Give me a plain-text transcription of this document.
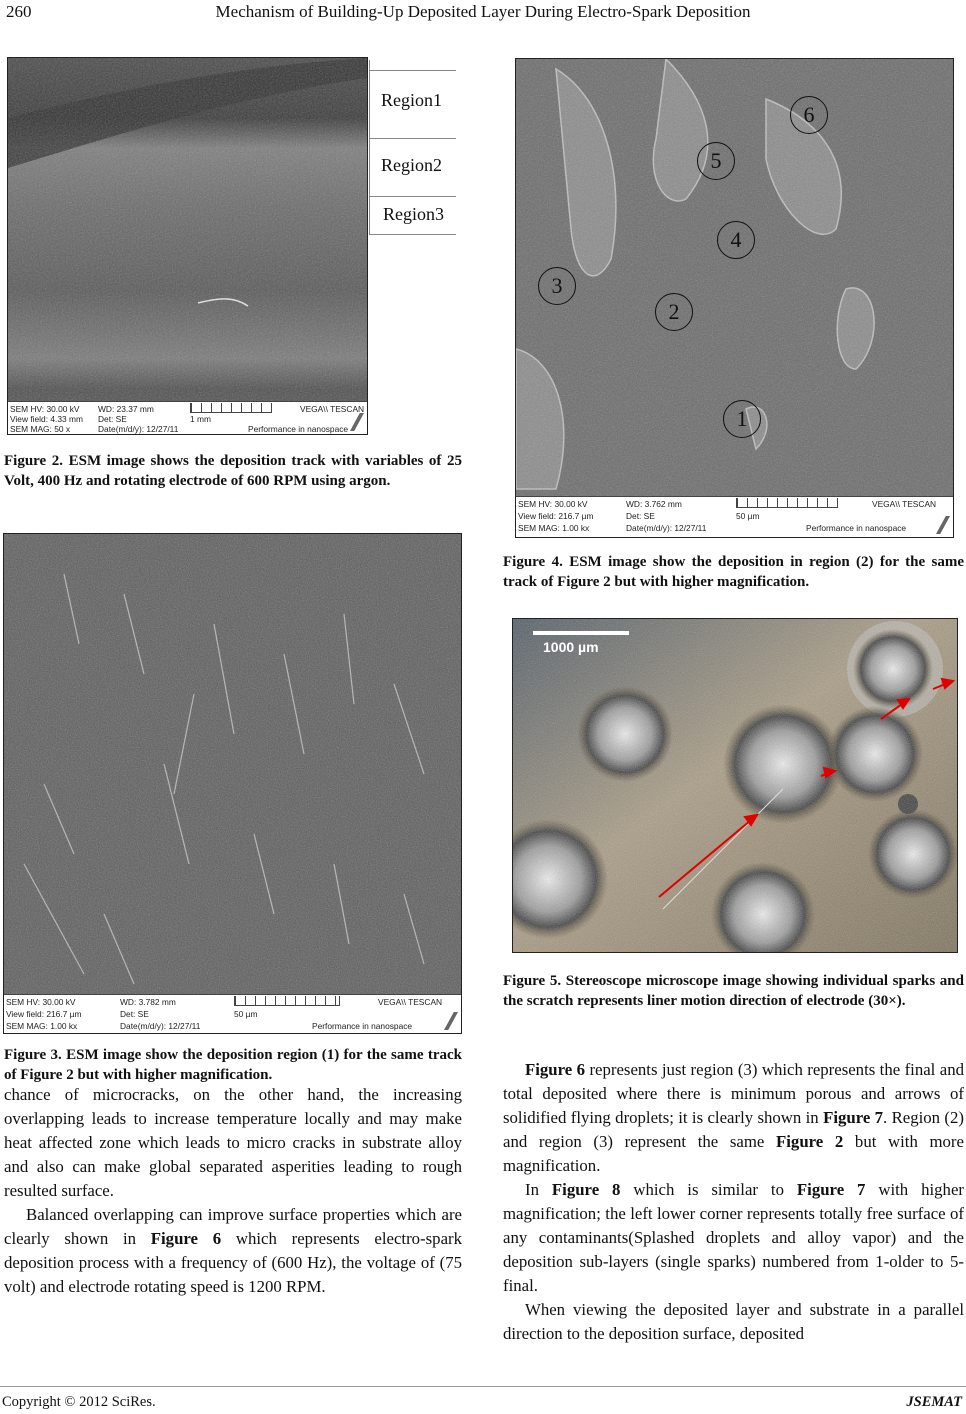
260	Mechanism of Building-Up Deposited Layer During Electro-Spark Deposition
SEM HV: 30.00 kV
View field: 4.33 mm
SEM MAG: 50 x
WD: 23.37 mm
Det: SE
Date(m/d/y): 12/27/11
1 mm
VEGA\\ TESCAN
Performance in nanospace
Region1
Region2
Region3
Figure 2. ESM image shows the deposition track with variables of 25 Volt, 400 Hz and rotating electrode of 600 RPM using argon.
SEM HV: 30.00 kV
View field: 216.7 µm
SEM MAG: 1.00 kx
WD: 3.782 mm
Det: SE
Date(m/d/y): 12/27/11
50 µm
VEGA\\ TESCAN
Performance in nanospace
Figure 3. ESM image show the deposition region (1) for the same track of Figure 2 but with higher magnification.

chance of microcracks, on the other hand, the increasing overlapping leads to increase temperature locally and may make heat affected zone which leads to micro cracks in substrate alloy and also can make global separated asperities leading to rough resulted surface.

Balanced overlapping can improve surface properties which are clearly shown in Figure 6 which represents electro-spark deposition process with a frequency of (600 Hz), the voltage of (75 volt) and electrode rotating speed is 1200 RPM.

6
5
4
3
2
1
SEM HV: 30.00 kV
View field: 216.7 µm
SEM MAG: 1.00 kx
WD: 3.762 mm
Det: SE
Date(m/d/y): 12/27/11
50 µm
VEGA\\ TESCAN
Performance in nanospace
Figure 4. ESM image show the deposition in region (2) for the same track of Figure 2 but with higher magnification.
1000 µm
Figure 5. Stereoscope microscope image showing individual sparks and the scratch represents liner motion direction of electrode (30×).

Figure 6 represents just region (3) which represents the final and total deposited where there is minimum porous and arrows of solidified flying droplets; it is clearly shown in Figure 7. Region (2) and region (3) represent the same Figure 2 but with more magnification.

In Figure 8 which is similar to Figure 7 with higher magnification; the left lower corner represents totally free surface of any contaminants(Splashed droplets and alloy vapor) and the deposition sub-layers (single sparks) numbered from 1-older to 5-final.

When viewing the deposited layer and substrate in a parallel direction to the deposition surface, deposited

Copyright © 2012 SciRes.	JSEMAT
